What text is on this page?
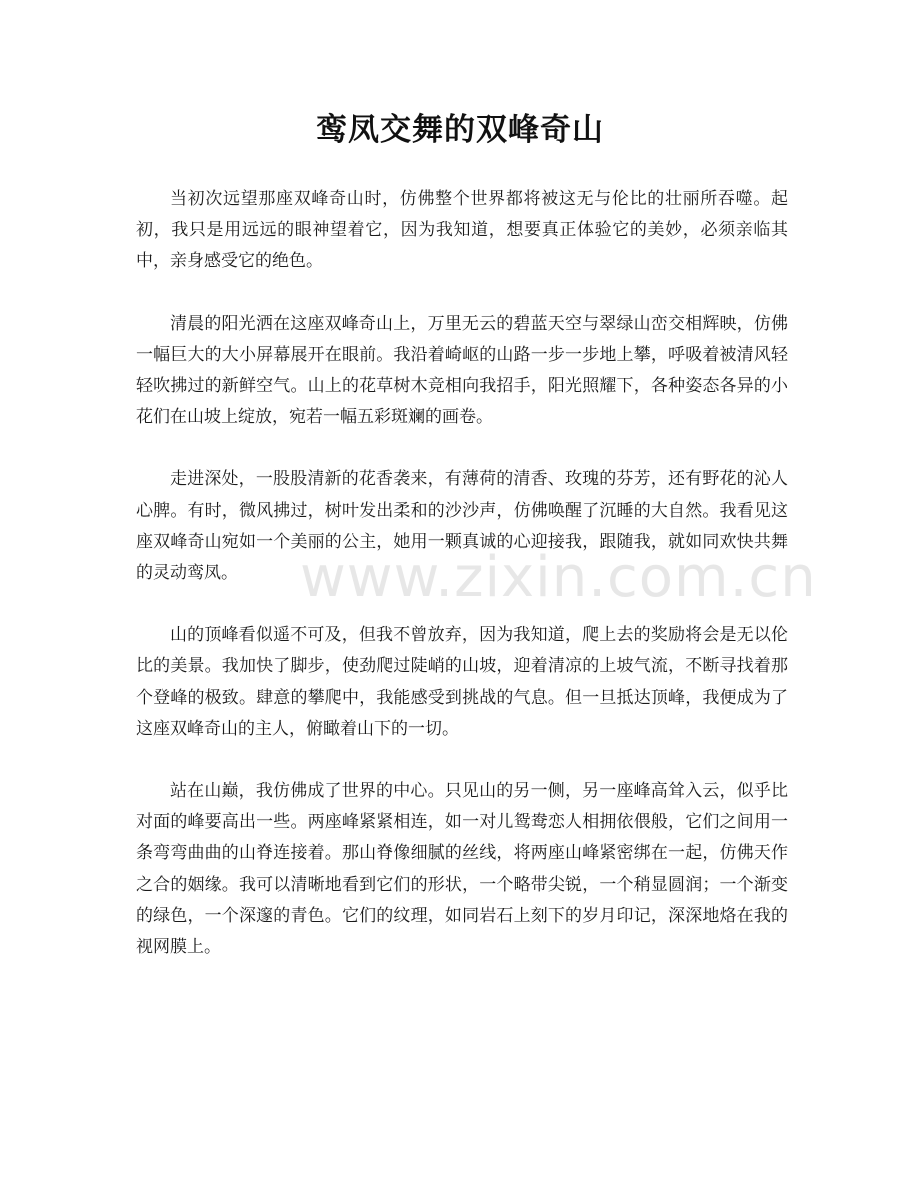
鸾凤交舞的双峰奇山

当初次远望那座双峰奇山时，仿佛整个世界都将被这无与伦比的壮丽所吞噬。起初，我只是用远远的眼神望着它，因为我知道，想要真正体验它的美妙，必须亲临其中，亲身感受它的绝色。

清晨的阳光洒在这座双峰奇山上，万里无云的碧蓝天空与翠绿山峦交相辉映，仿佛一幅巨大的大小屏幕展开在眼前。我沿着崎岖的山路一步一步地上攀，呼吸着被清风轻轻吹拂过的新鲜空气。山上的花草树木竞相向我招手，阳光照耀下，各种姿态各异的小花们在山坡上绽放，宛若一幅五彩斑斓的画卷。

走进深处，一股股清新的花香袭来，有薄荷的清香、玫瑰的芬芳，还有野花的沁人心脾。有时，微风拂过，树叶发出柔和的沙沙声，仿佛唤醒了沉睡的大自然。我看见这座双峰奇山宛如一个美丽的公主，她用一颗真诚的心迎接我，跟随我，就如同欢快共舞的灵动鸾凤。

山的顶峰看似遥不可及，但我不曾放弃，因为我知道，爬上去的奖励将会是无以伦比的美景。我加快了脚步，使劲爬过陡峭的山坡，迎着清凉的上坡气流，不断寻找着那个登峰的极致。肆意的攀爬中，我能感受到挑战的气息。但一旦抵达顶峰，我便成为了这座双峰奇山的主人，俯瞰着山下的一切。

站在山巅，我仿佛成了世界的中心。只见山的另一侧，另一座峰高耸入云，似乎比对面的峰要高出一些。两座峰紧紧相连，如一对儿鸳鸯恋人相拥依偎般，它们之间用一条弯弯曲曲的山脊连接着。那山脊像细腻的丝线，将两座山峰紧密绑在一起，仿佛天作之合的姻缘。我可以清晰地看到它们的形状，一个略带尖锐，一个稍显圆润；一个渐变的绿色，一个深邃的青色。它们的纹理，如同岩石上刻下的岁月印记，深深地烙在我的视网膜上。

www.zixin.com.cn
